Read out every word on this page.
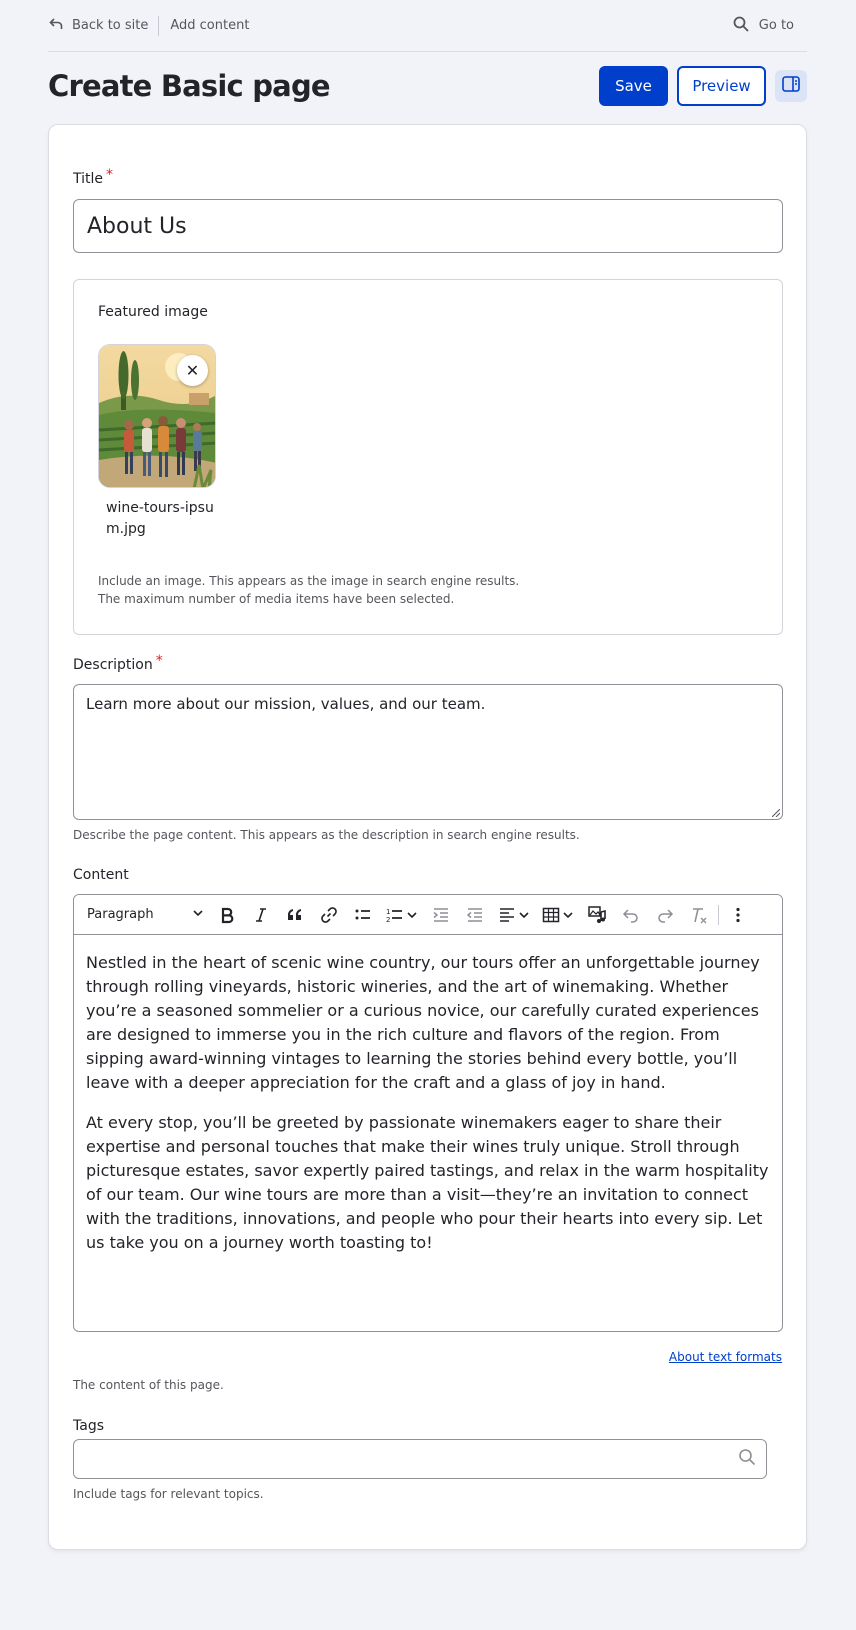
Back to site Add content	Go to
Create Basic page	Save	Preview
Title *
About Us
Featured image
✕
wine-tours-ipsum.jpg
Include an image. This appears as the image in search engine results.
The maximum number of media items have been selected.
Description *
Learn more about our mission, values, and our team.
Describe the page content. This appears as the description in search engine results.
Content
Paragraph	1
2

Nestled in the heart of scenic wine country, our tours offer an unforgettable journey through rolling vineyards, historic wineries, and the art of winemaking. Whether you’re a seasoned sommelier or a curious novice, our carefully curated experiences are designed to immerse you in the rich culture and flavors of the region. From sipping award-winning vintages to learning the stories behind every bottle, you’ll leave with a deeper appreciation for the craft and a glass of joy in hand.

At every stop, you’ll be greeted by passionate winemakers eager to share their expertise and personal touches that make their wines truly unique. Stroll through picturesque estates, savor expertly paired tastings, and relax in the warm hospitality of our team. Our wine tours are more than a visit—they’re an invitation to connect with the traditions, innovations, and people who pour their hearts into every sip. Let us take you on a journey worth toasting to!

About text formats
The content of this page.
Tags
Include tags for relevant topics.
